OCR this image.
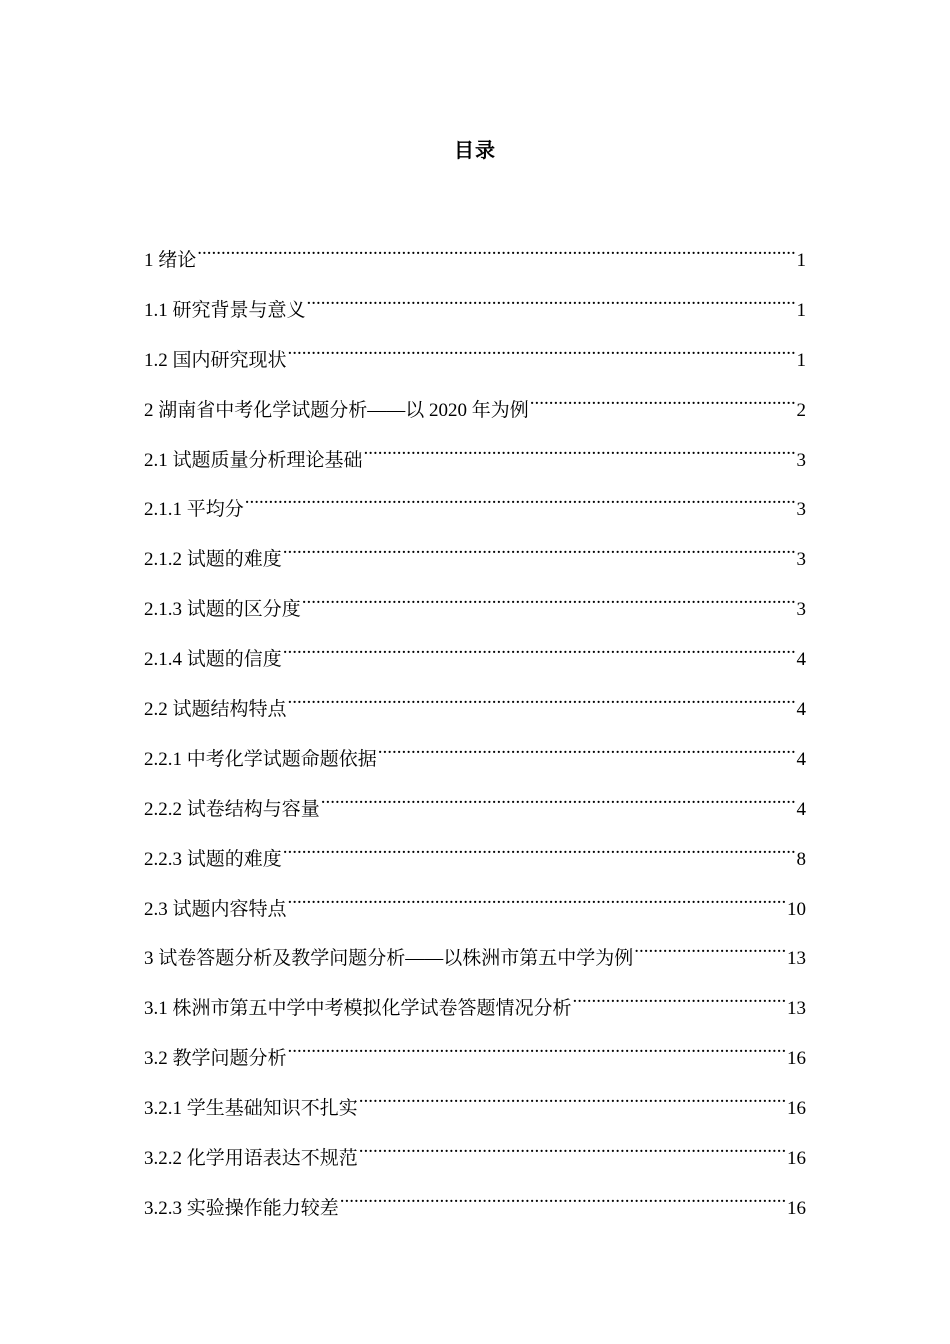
目录
1 绪论 .....	1
1.1 研究背景与意义 .....	1
1.2 国内研究现状 .....	1
2 湖南省中考化学试题分析——以 2020 年为例 .....	2
2.1 试题质量分析理论基础 .....	3
2.1.1 平均分 .....	3
2.1.2 试题的难度 .....	3
2.1.3 试题的区分度 .....	3
2.1.4 试题的信度 .....	4
2.2 试题结构特点 .....	4
2.2.1 中考化学试题命题依据 .....	4
2.2.2 试卷结构与容量 .....	4
2.2.3 试题的难度 .....	8
2.3 试题内容特点 .....	10
3 试卷答题分析及教学问题分析——以株洲市第五中学为例 .....	13
3.1 株洲市第五中学中考模拟化学试卷答题情况分析 .....	13
3.2 教学问题分析 .....	16
3.2.1 学生基础知识不扎实 .....	16
3.2.2 化学用语表达不规范 .....	16
3.2.3 实验操作能力较差 .....	16
